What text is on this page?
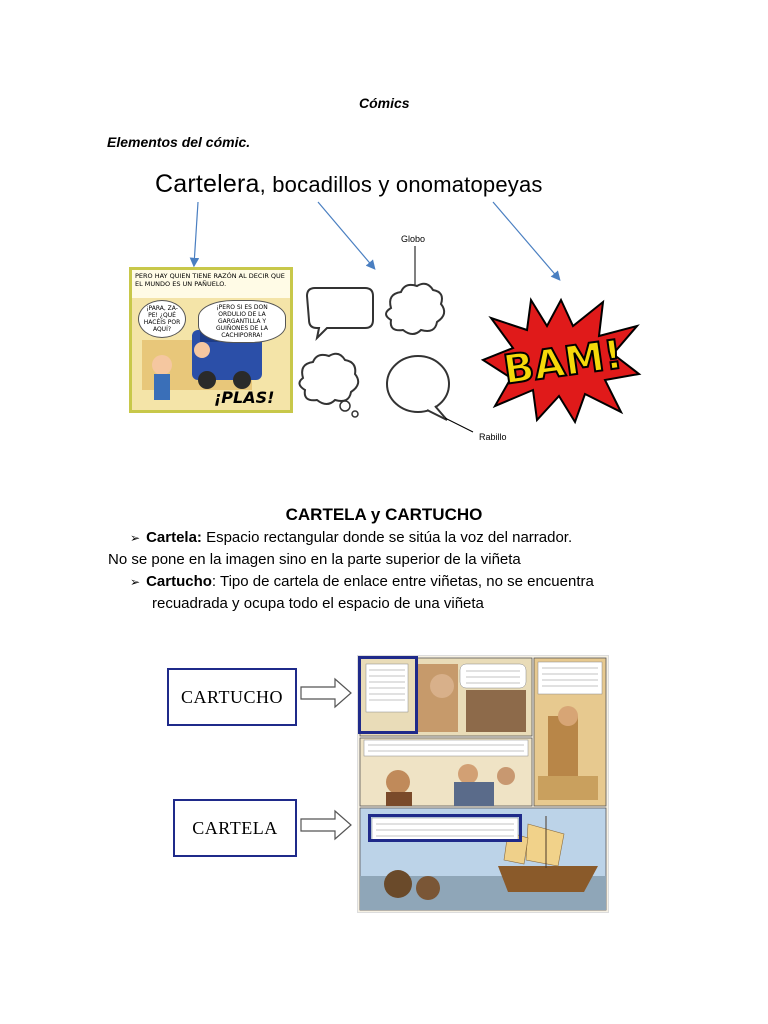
Cómics
Elementos del cómic.
Cartelera, bocadillos y onomatopeyas
PERO HAY QUIEN TIENE RAZÓN AL DECIR QUE EL MUNDO ES UN PAÑUELO.
¡PARA, ZA-PE! ¿QUÉ HACÉIS POR AQUÍ?
¡PERO SI ES DON ORDULIO DE LA GARGANTILLA Y GUIÑONES DE LA CACHIPORRA!
¡PLAS!
Globo
Rabillo
BAM!
CARTELA y CARTUCHO
➢ Cartela: Espacio rectangular donde se sitúa la voz del narrador.
No se pone en la imagen sino en la parte superior de la viñeta
➢ Cartucho: Tipo de cartela de enlace entre viñetas, no se encuentra
recuadrada y ocupa todo el espacio de una viñeta
CARTUCHO
CARTELA
